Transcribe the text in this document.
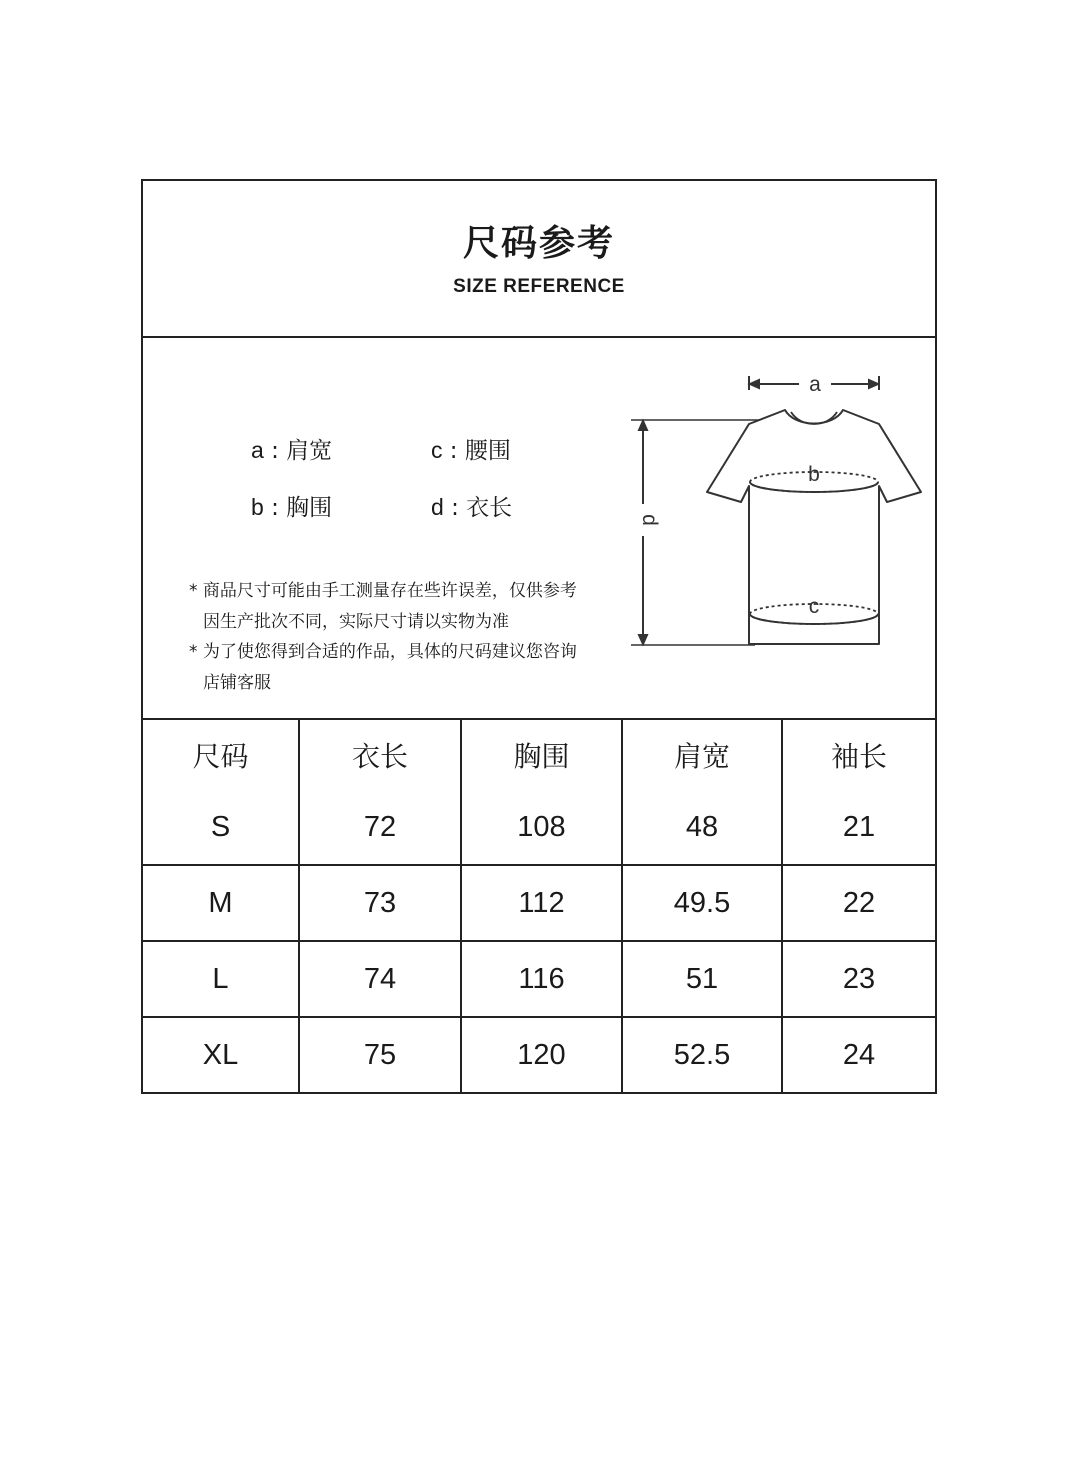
尺码参考
SIZE REFERENCE
a : 肩宽	c : 腰围
b : 胸围	d : 衣长
* 商品尺寸可能由手工测量存在些许误差，仅供参考
因生产批次不同，实际尺寸请以实物为准
* 为了使您得到合适的作品，具体的尺码建议您咨询
店铺客服
a
d
b
c
尺码	衣长	胸围	肩宽	袖长
S	72	108	48	21
M	73	112	49.5	22
L	74	116	51	23
XL	75	120	52.5	24
